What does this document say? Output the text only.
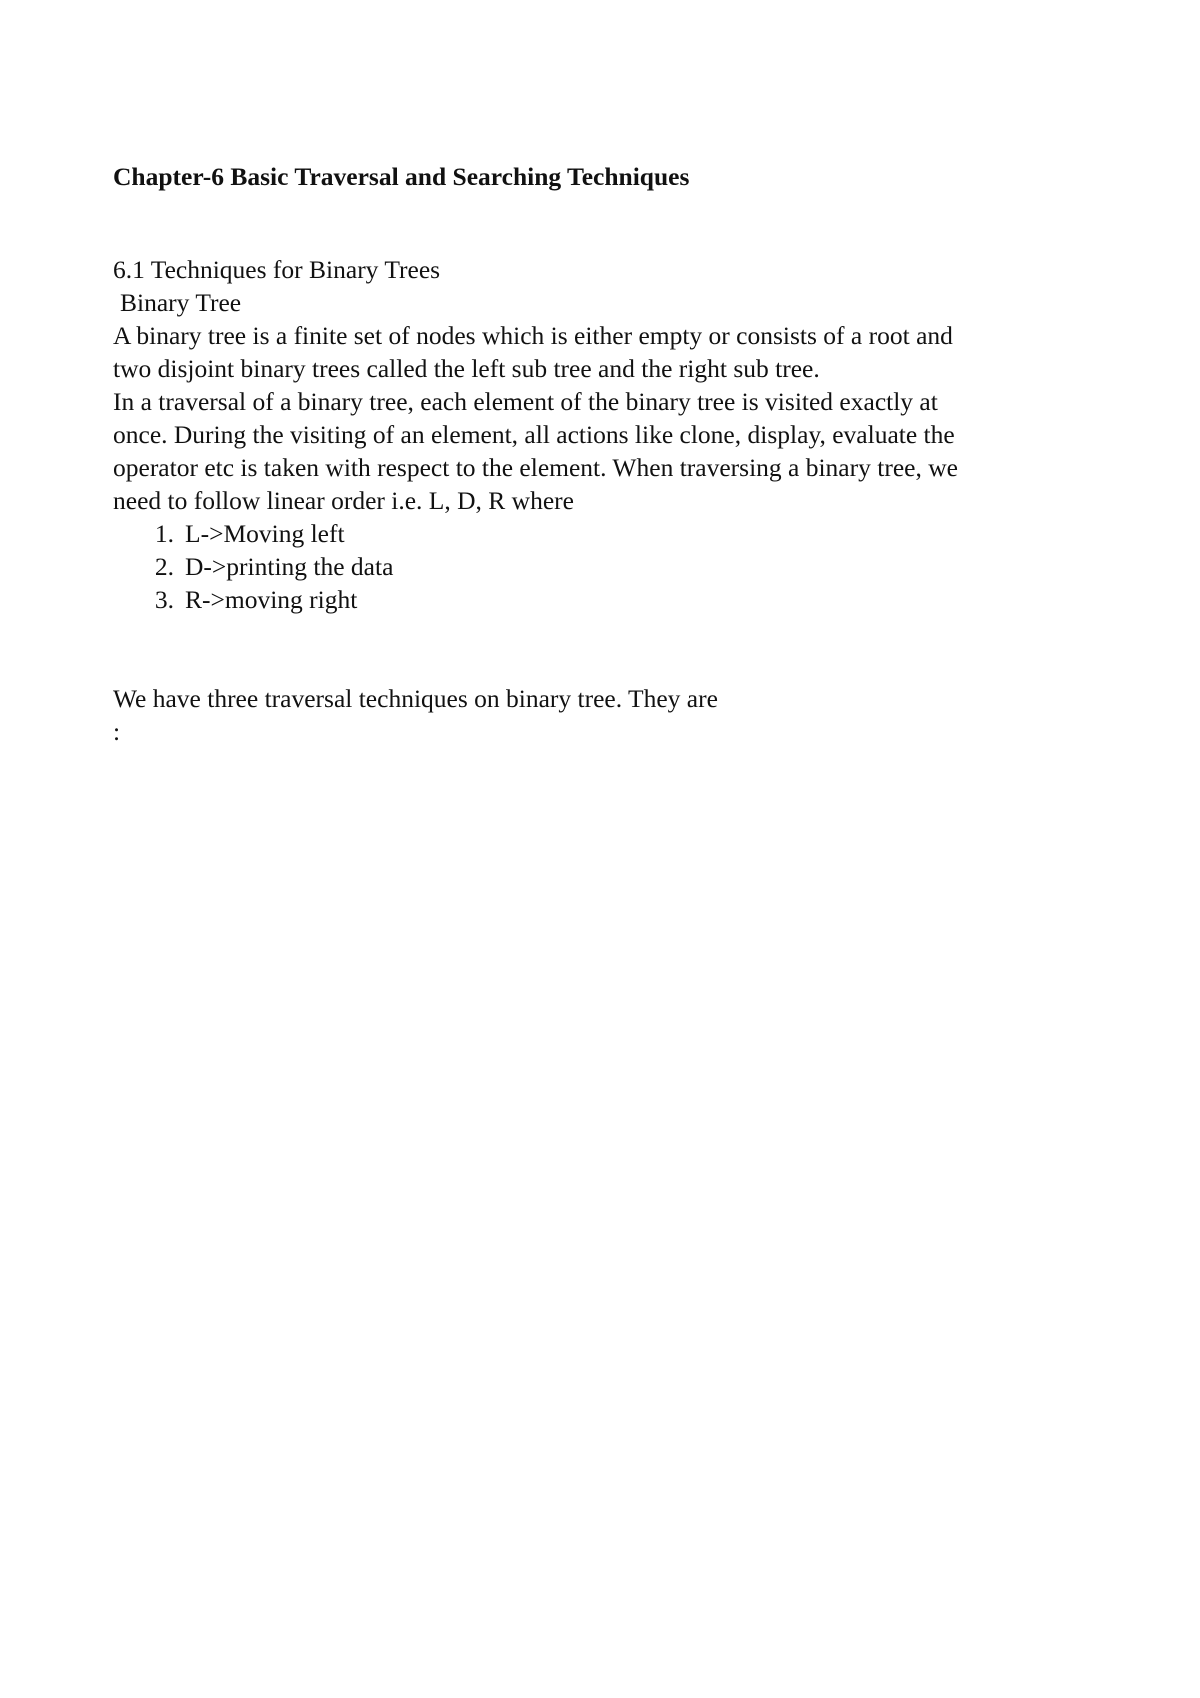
Chapter-6 Basic Traversal and Searching Techniques
6.1 Techniques for Binary Trees
Binary Tree
A binary tree is a finite set of nodes which is either empty or consists of a root and
two disjoint binary trees called the left sub tree and the right sub tree.
In a traversal of a binary tree, each element of the binary tree is visited exactly at
once. During the visiting of an element, all actions like clone, display, evaluate the
operator etc is taken with respect to the element. When traversing a binary tree, we
need to follow linear order i.e. L, D, R where
1. L->Moving left
2. D->printing the data
3. R->moving right
We have three traversal techniques on binary tree. They are
:
